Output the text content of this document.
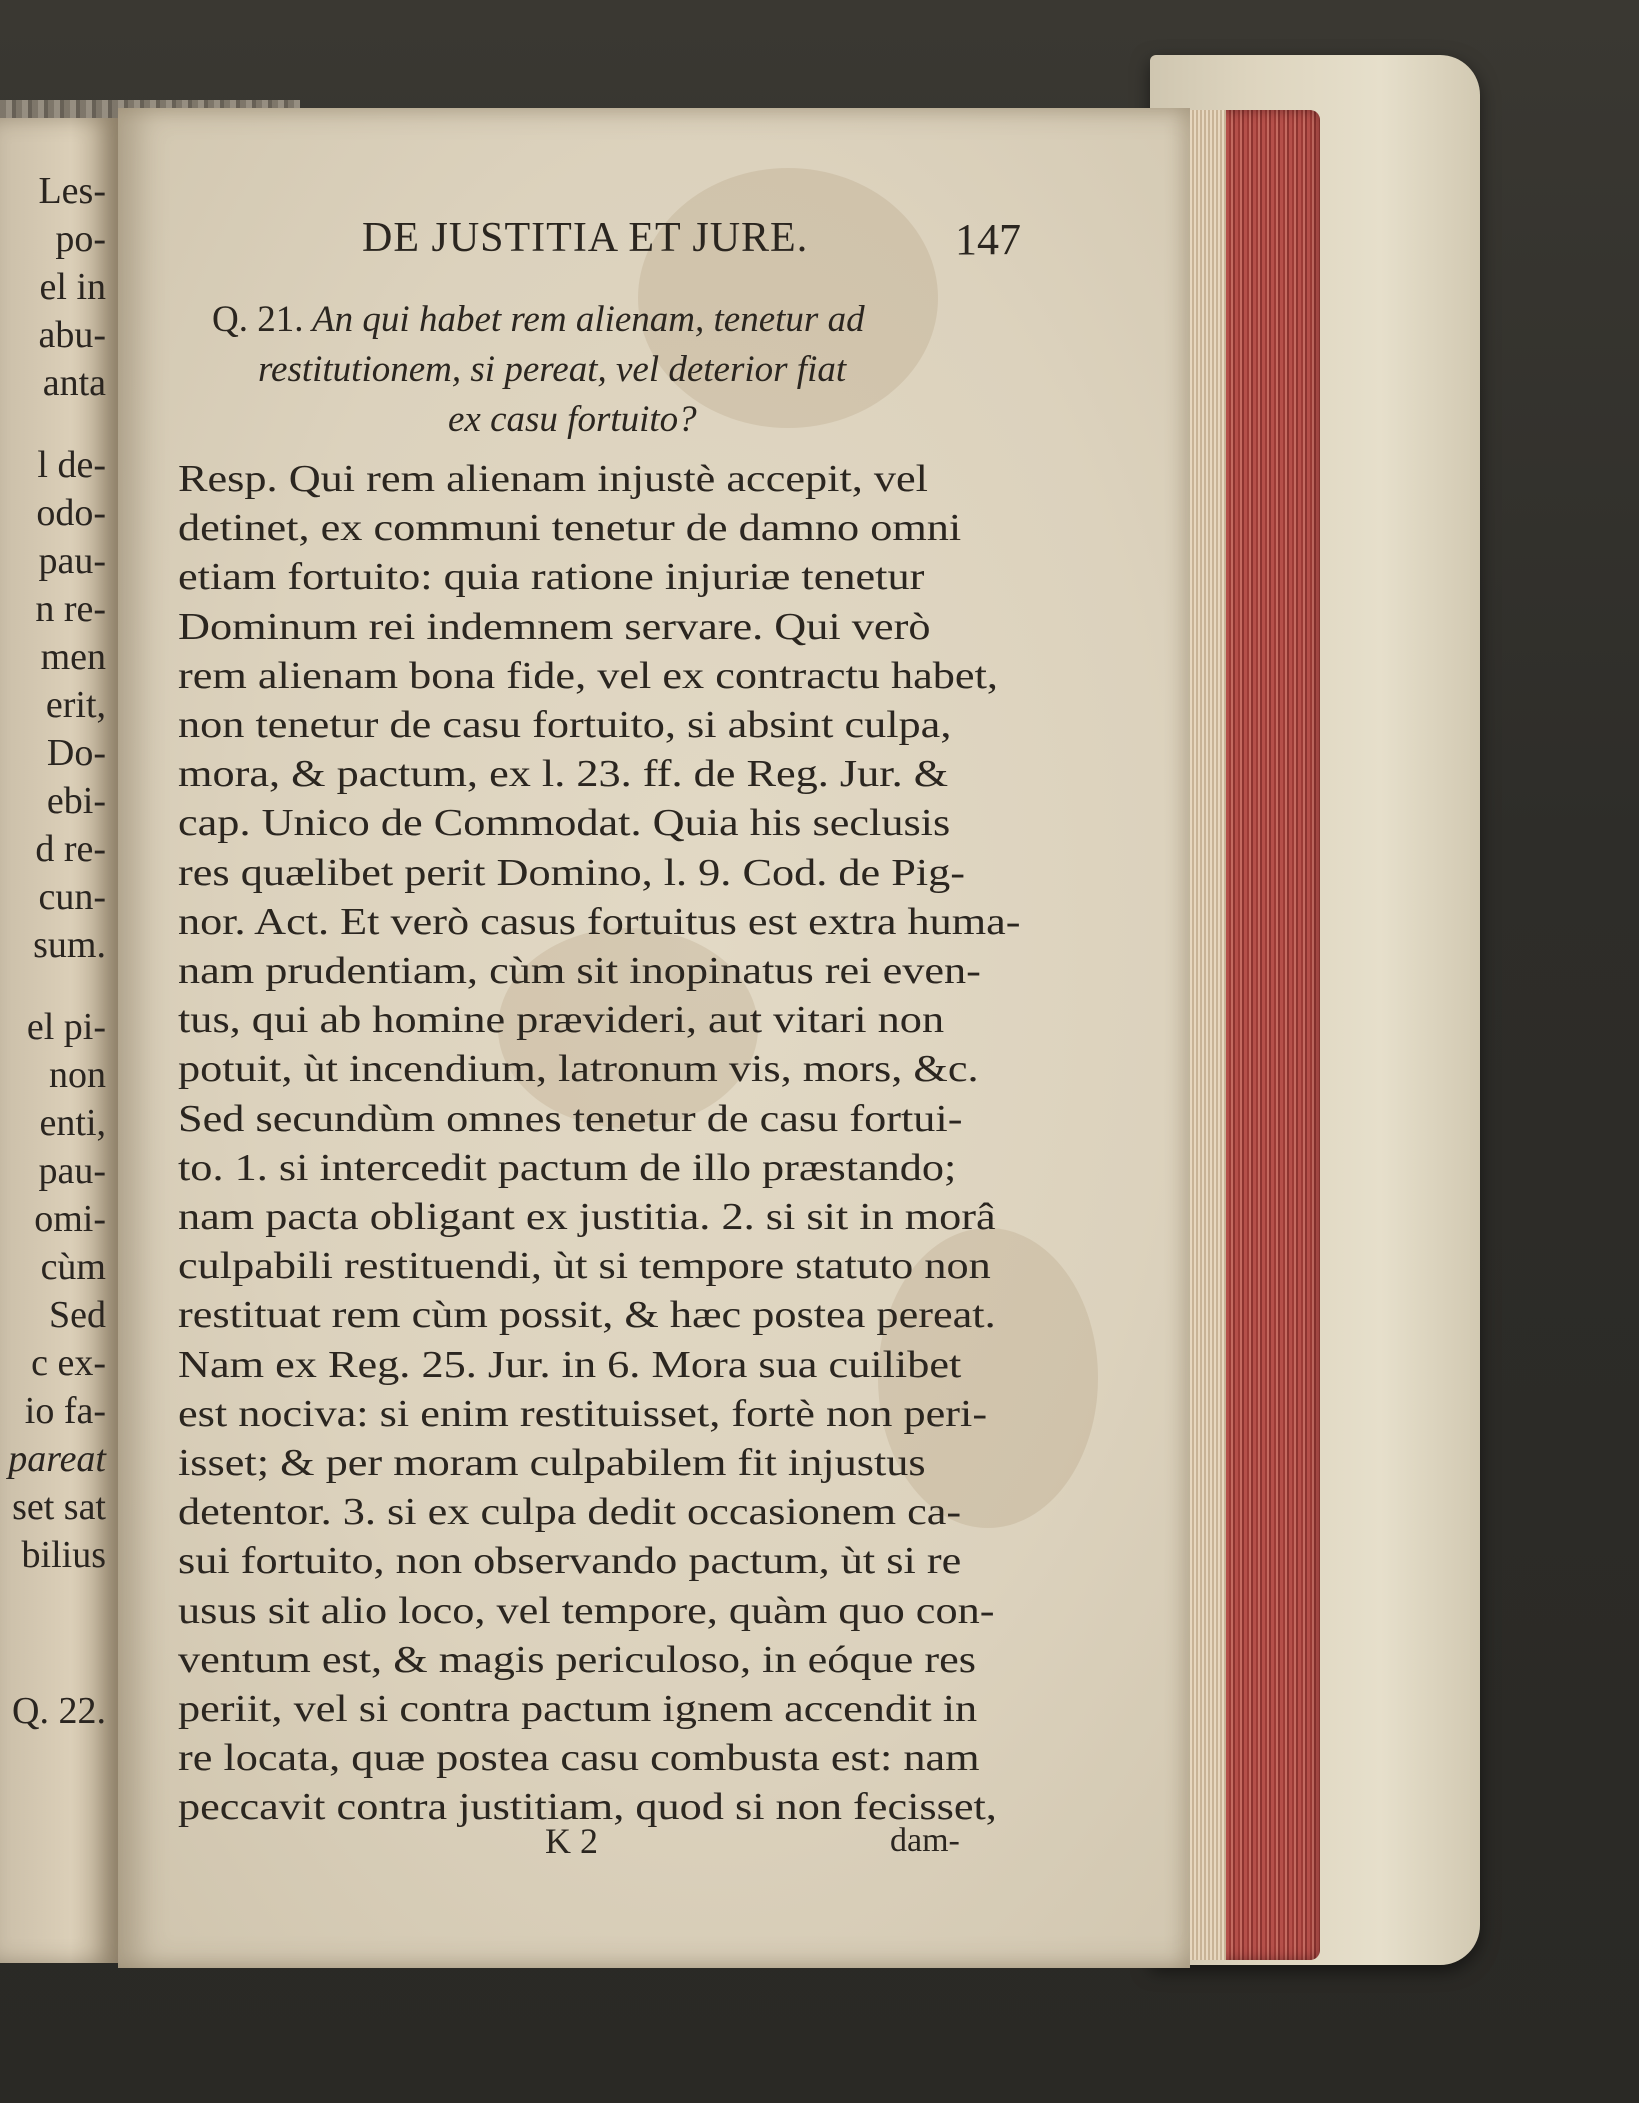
Les-
po-
el in
abu-
anta
l de-
odo-
pau-
n re-
men
erit,
Do-
ebi-
d re-
cun-
sum.
el pi-
non
enti,
pau-
omi-
cùm
Sed
c ex-
io fa-
pareat
set sat
bilius
Q. 22.
DE JUSTITIA ET JURE.	147
Q. 21. An qui habet rem alienam, tenetur ad
restitutionem, si pereat, vel deterior fiat
ex casu fortuito?
Resp. Qui rem alienam injustè accepit, vel
detinet, ex communi tenetur de damno omni
etiam fortuito: quia ratione injuriæ tenetur
Dominum rei indemnem servare. Qui verò
rem alienam bona fide, vel ex contractu habet,
non tenetur de casu fortuito, si absint culpa,
mora, & pactum, ex l. 23. ff. de Reg. Jur. &
cap. Unico de Commodat. Quia his seclusis
res quælibet perit Domino, l. 9. Cod. de Pig-
nor. Act. Et verò casus fortuitus est extra huma-
nam prudentiam, cùm sit inopinatus rei even-
tus, qui ab homine prævideri, aut vitari non
potuit, ùt incendium, latronum vis, mors, &c.
Sed secundùm omnes tenetur de casu fortui-
to. 1. si intercedit pactum de illo præstando;
nam pacta obligant ex justitia. 2. si sit in morâ
culpabili restituendi, ùt si tempore statuto non
restituat rem cùm possit, & hæc postea pereat.
Nam ex Reg. 25. Jur. in 6. Mora sua cuilibet
est nociva: si enim restituisset, fortè non peri-
isset; & per moram culpabilem fit injustus
detentor. 3. si ex culpa dedit occasionem ca-
sui fortuito, non observando pactum, ùt si re
usus sit alio loco, vel tempore, quàm quo con-
ventum est, & magis periculoso, in eóque res
periit, vel si contra pactum ignem accendit in
re locata, quæ postea casu combusta est: nam
peccavit contra justitiam, quod si non fecisset,
K 2	dam-
